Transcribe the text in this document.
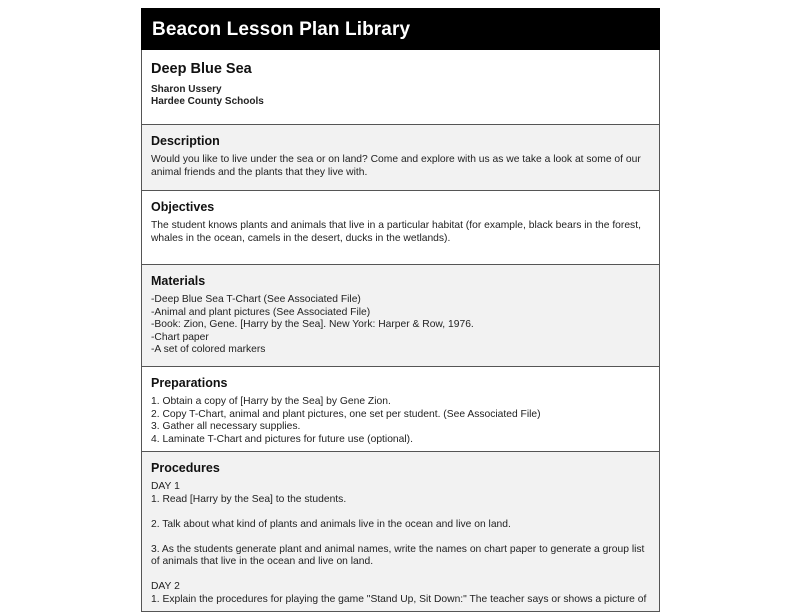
Beacon Lesson Plan Library
Deep Blue Sea
Sharon Ussery
Hardee County Schools
Description
Would you like to live under the sea or on land? Come and explore with us as we take a look at some of our animal friends and the plants that they live with.
Objectives
The student knows plants and animals that live in a particular habitat (for example, black bears in the forest, whales in the ocean, camels in the desert, ducks in the wetlands).
Materials
-Deep Blue Sea T-Chart (See Associated File)
-Animal and plant pictures (See Associated File)
-Book: Zion, Gene. [Harry by the Sea]. New York: Harper & Row, 1976.
-Chart paper
-A set of colored markers
Preparations
1. Obtain a copy of [Harry by the Sea] by Gene Zion.
2. Copy T-Chart, animal and plant pictures, one set per student. (See Associated File)
3. Gather all necessary supplies.
4. Laminate T-Chart and pictures for future use (optional).
Procedures
DAY 1
1. Read [Harry by the Sea] to the students.
2. Talk about what kind of plants and animals live in the ocean and live on land.
3. As the students generate plant and animal names, write the names on chart paper to generate a group list of animals that live in the ocean and live on land.
DAY 2
1. Explain the procedures for playing the game "Stand Up, Sit Down:" The teacher says or shows a picture of
